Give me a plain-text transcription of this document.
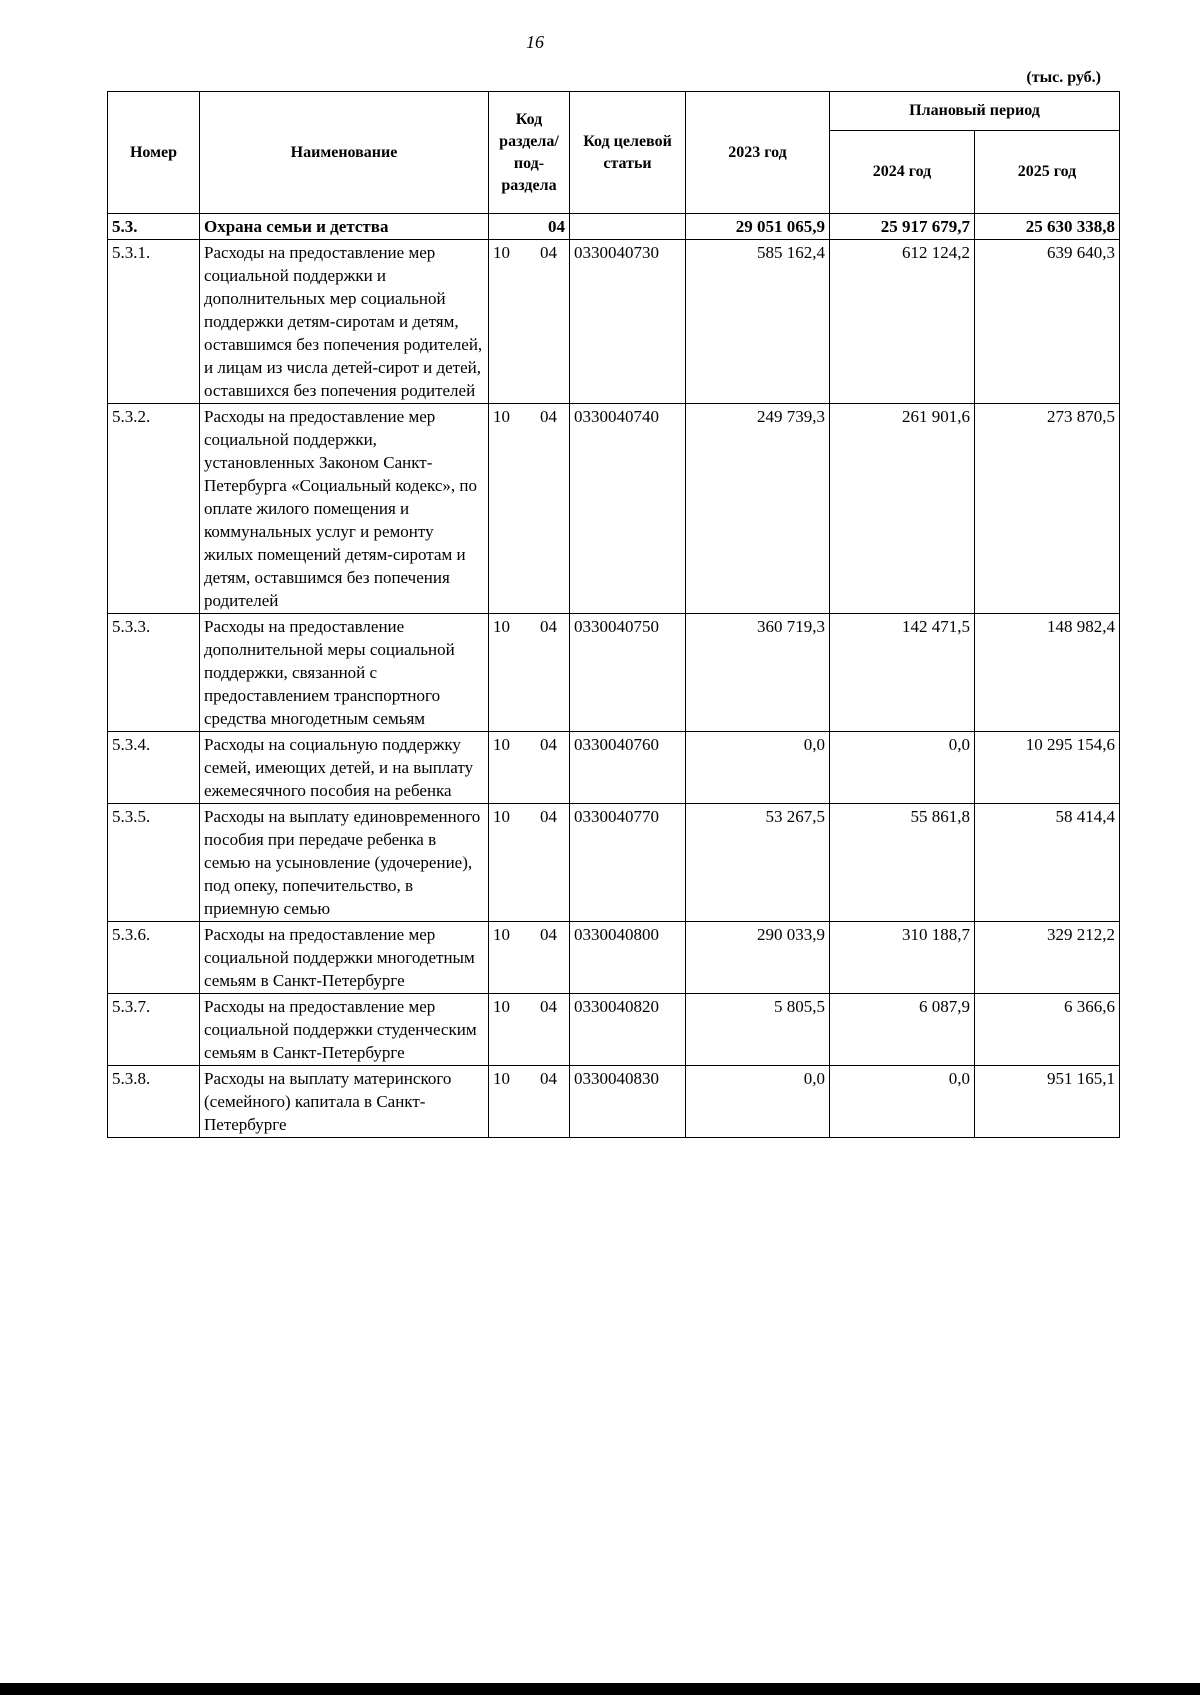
16
(тыс. руб.)
Номер	Наименование	Код раздела/ под-раздела	Код целевой статьи	2023 год	Плановый период	
					2024 год	2025 год
5.3.	Охрана семьи и детства	04		29 051 065,9	25 917 679,7	25 630 338,8
5.3.1.	Расходы на предоставление мер социальной поддержки и дополнительных мер социальной поддержки детям-сиротам и детям, оставшимся без попечения родителей, и лицам из числа детей-сирот и детей, оставшихся без попечения родителей	10 04	0330040730	585 162,4	612 124,2	639 640,3
5.3.2.	Расходы на предоставление мер социальной поддержки, установленных Законом Санкт-Петербурга «Социальный кодекс», по оплате жилого помещения и коммунальных услуг и ремонту жилых помещений детям-сиротам и детям, оставшимся без попечения родителей	10 04	0330040740	249 739,3	261 901,6	273 870,5
5.3.3.	Расходы на предоставление дополнительной меры социальной поддержки, связанной с предоставлением транспортного средства многодетным семьям	10 04	0330040750	360 719,3	142 471,5	148 982,4
5.3.4.	Расходы на социальную поддержку семей, имеющих детей, и на выплату ежемесячного пособия на ребенка	10 04	0330040760	0,0	0,0	10 295 154,6
5.3.5.	Расходы на выплату единовременного пособия при передаче ребенка в семью на усыновление (удочерение), под опеку, попечительство, в приемную семью	10 04	0330040770	53 267,5	55 861,8	58 414,4
5.3.6.	Расходы на предоставление мер социальной поддержки многодетным семьям в Санкт-Петербурге	10 04	0330040800	290 033,9	310 188,7	329 212,2
5.3.7.	Расходы на предоставление мер социальной поддержки студенческим семьям в Санкт-Петербурге	10 04	0330040820	5 805,5	6 087,9	6 366,6
5.3.8.	Расходы на выплату материнского (семейного) капитала в Санкт-Петербурге	10 04	0330040830	0,0	0,0	951 165,1
